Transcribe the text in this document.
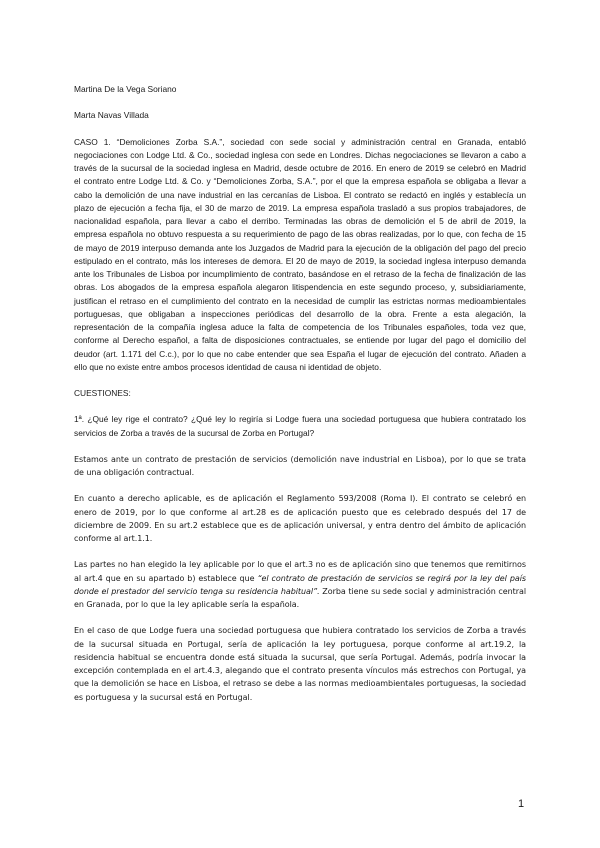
Martina De la Vega Soriano

Marta Navas Villada

CASO 1. “Demoliciones Zorba S.A.”, sociedad con sede social y administración central en Granada, entabló negociaciones con Lodge Ltd. & Co., sociedad inglesa con sede en Londres. Dichas negociaciones se llevaron a cabo a través de la sucursal de la sociedad inglesa en Madrid, desde octubre de 2016. En enero de 2019 se celebró en Madrid el contrato entre Lodge Ltd. & Co. y “Demoliciones Zorba, S.A.”, por el que la empresa española se obligaba a llevar a cabo la demolición de una nave industrial en las cercanías de Lisboa. El contrato se redactó en inglés y establecía un plazo de ejecución a fecha fija, el 30 de marzo de 2019. La empresa española trasladó a sus propios trabajadores, de nacionalidad española, para llevar a cabo el derribo. Terminadas las obras de demolición el 5 de abril de 2019, la empresa española no obtuvo respuesta a su requerimiento de pago de las obras realizadas, por lo que, con fecha de 15 de mayo de 2019 interpuso demanda ante los Juzgados de Madrid para la ejecución de la obligación del pago del precio estipulado en el contrato, más los intereses de demora. El 20 de mayo de 2019, la sociedad inglesa interpuso demanda ante los Tribunales de Lisboa por incumplimiento de contrato, basándose en el retraso de la fecha de finalización de las obras. Los abogados de la empresa española alegaron litispendencia en este segundo proceso, y, subsidiariamente, justifican el retraso en el cumplimiento del contrato en la necesidad de cumplir las estrictas normas medioambientales portuguesas, que obligaban a inspecciones periódicas del desarrollo de la obra. Frente a esta alegación, la representación de la compañía inglesa aduce la falta de competencia de los Tribunales españoles, toda vez que, conforme al Derecho español, a falta de disposiciones contractuales, se entiende por lugar del pago el domicilio del deudor (art. 1.171 del C.c.), por lo que no cabe entender que sea España el lugar de ejecución del contrato. Añaden a ello que no existe entre ambos procesos identidad de causa ni identidad de objeto.

CUESTIONES:

1ª. ¿Qué ley rige el contrato? ¿Qué ley lo regiría si Lodge fuera una sociedad portuguesa que hubiera contratado los servicios de Zorba a través de la sucursal de Zorba en Portugal?

Estamos ante un contrato de prestación de servicios (demolición nave industrial en Lisboa), por lo que se trata de una obligación contractual.

En cuanto a derecho aplicable, es de aplicación el Reglamento 593/2008 (Roma I). El contrato se celebró en enero de 2019, por lo que conforme al art.28 es de aplicación puesto que es celebrado después del 17 de diciembre de 2009. En su art.2 establece que es de aplicación universal, y entra dentro del ámbito de aplicación conforme al art.1.1.

Las partes no han elegido la ley aplicable por lo que el art.3 no es de aplicación sino que tenemos que remitirnos al art.4 que en su apartado b) establece que “el contrato de prestación de servicios se regirá por la ley del país donde el prestador del servicio tenga su residencia habitual”. Zorba tiene su sede social y administración central en Granada, por lo que la ley aplicable sería la española.

En el caso de que Lodge fuera una sociedad portuguesa que hubiera contratado los servicios de Zorba a través de la sucursal situada en Portugal, sería de aplicación la ley portuguesa, porque conforme al art.19.2, la residencia habitual se encuentra donde está situada la sucursal, que sería Portugal. Además, podría invocar la excepción contemplada en el art.4.3, alegando que el contrato presenta vínculos más estrechos con Portugal, ya que la demolición se hace en Lisboa, el retraso se debe a las normas medioambientales portuguesas, la sociedad es portuguesa y la sucursal está en Portugal.

1
